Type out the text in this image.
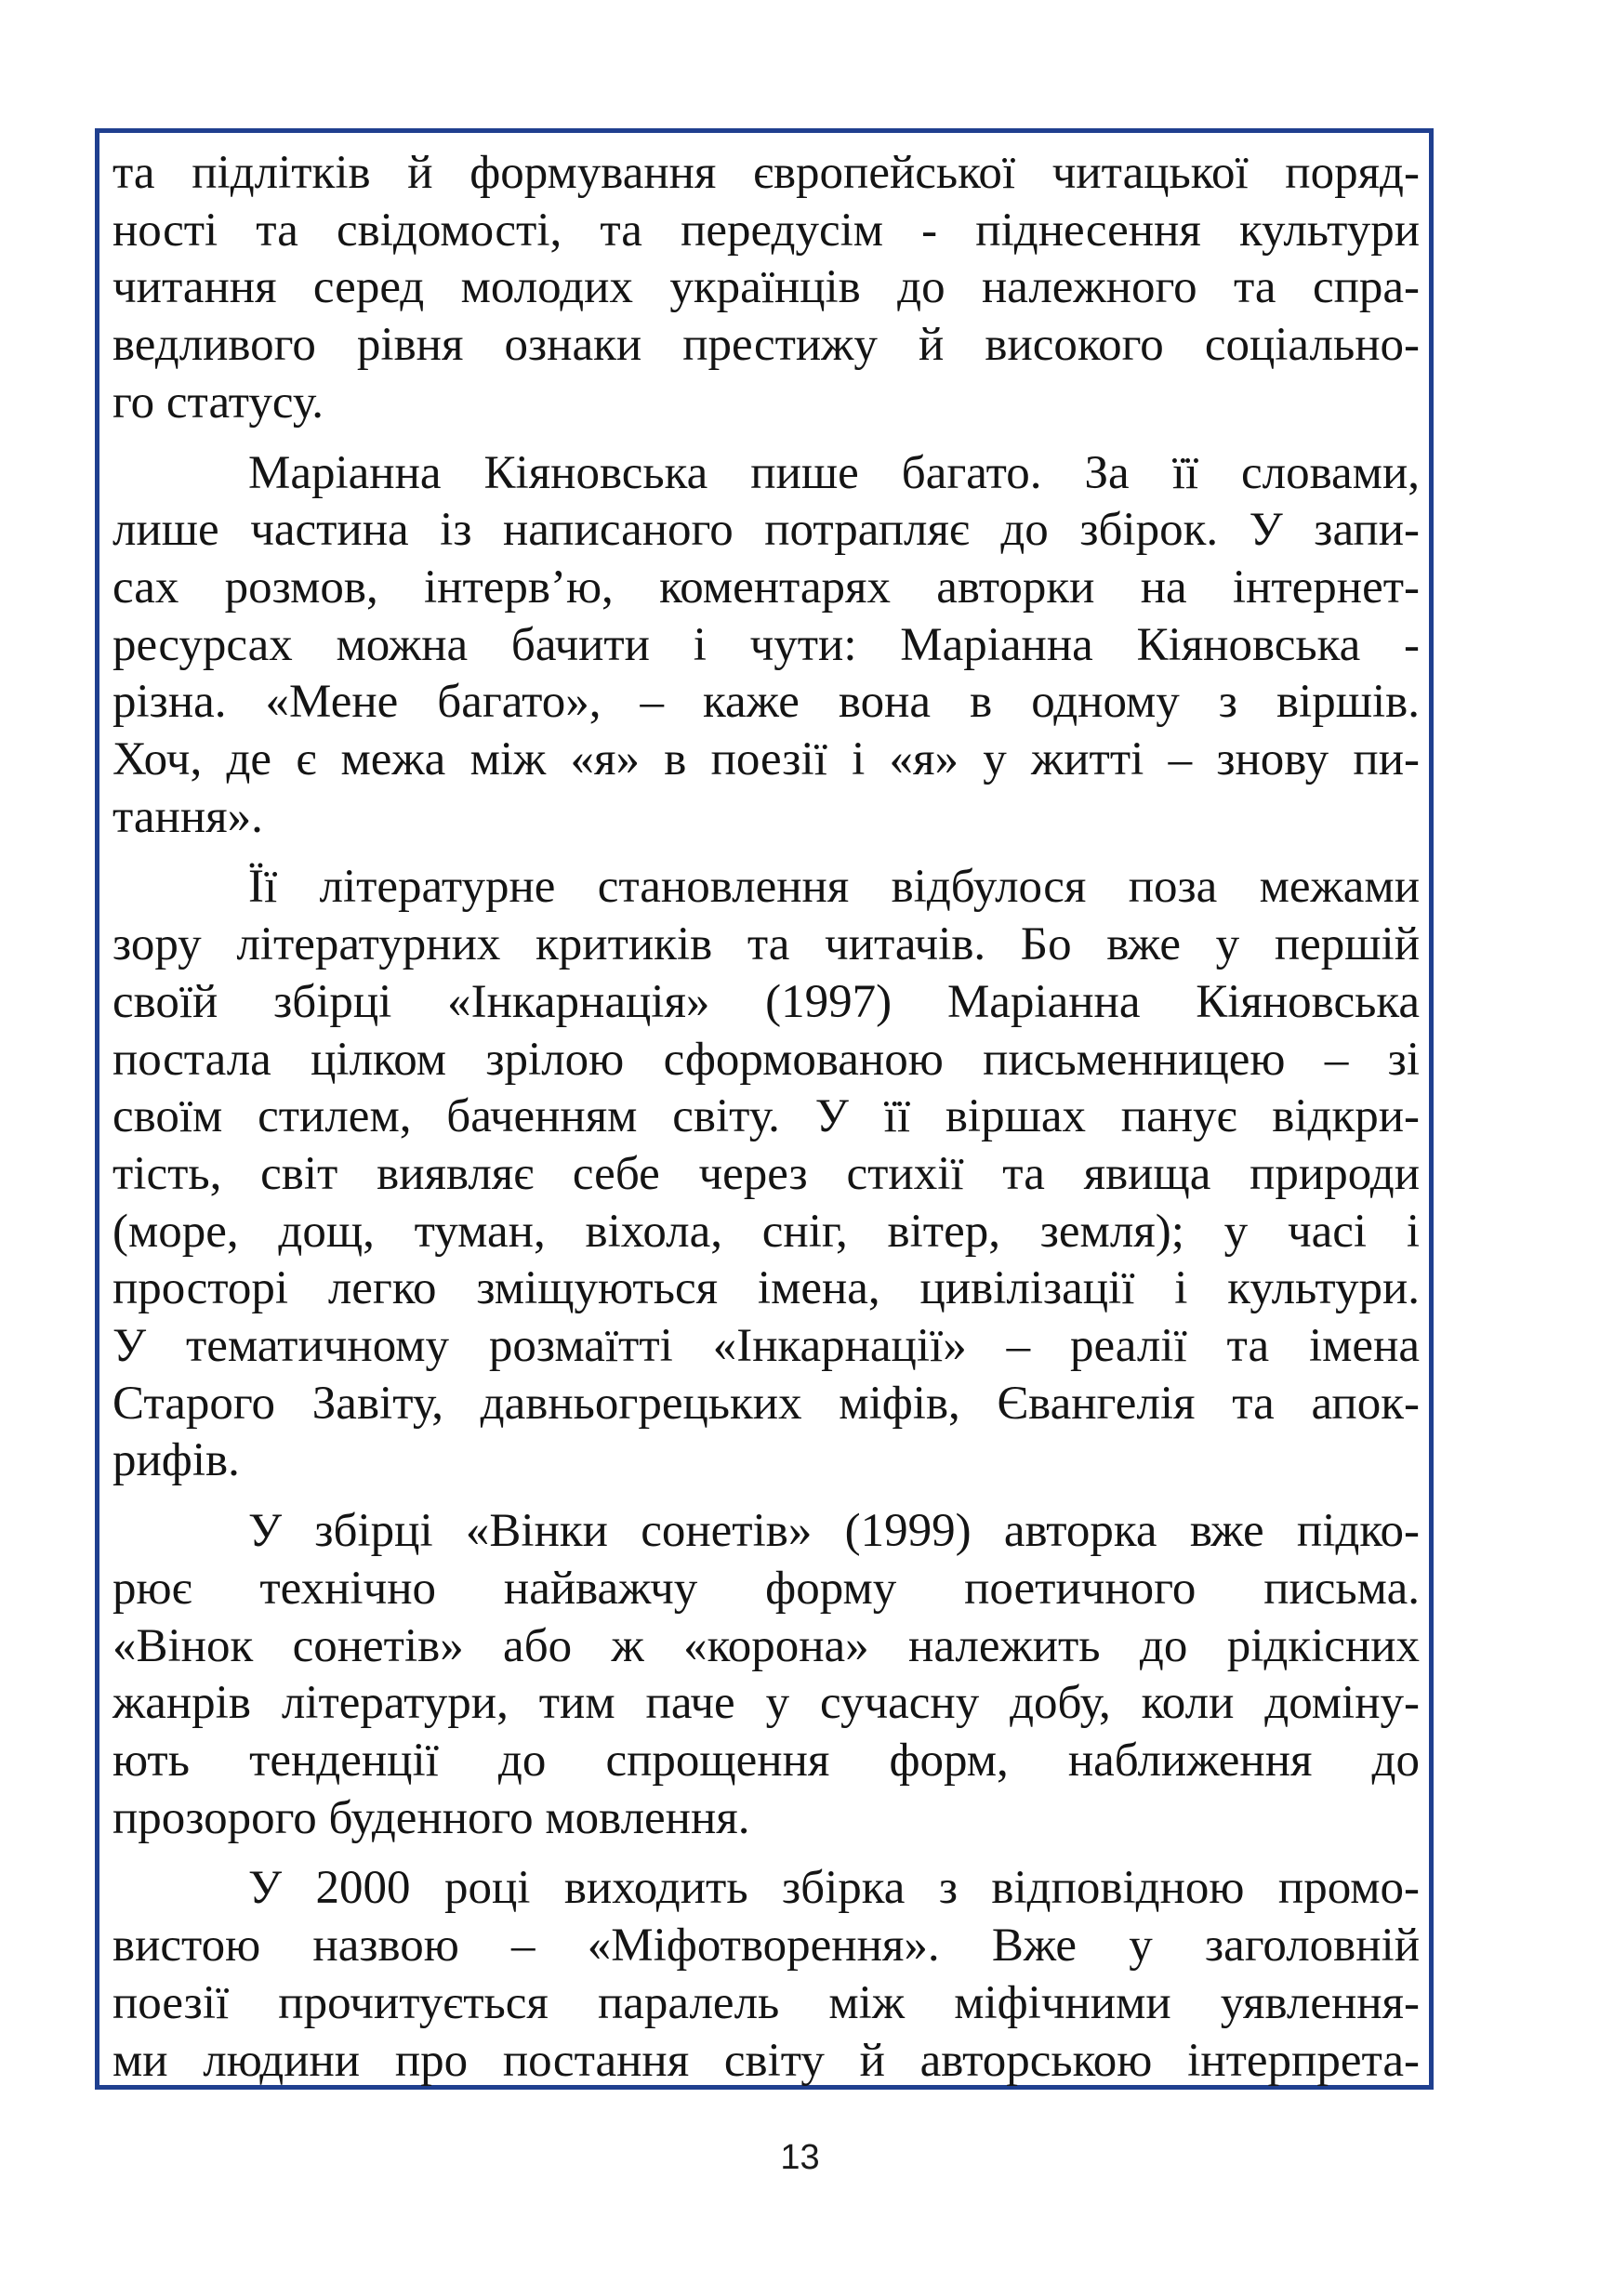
та підлітків й формування європейської читацької поряд-

ності та свідомості, та передусім - піднесення культури

читання серед молодих українців до належного та спра-

ведливого рівня ознаки престижу й високого соціально-

го статусу.

Маріанна Кіяновська пише багато. За її словами,

лише частина із написаного потрапляє до збірок. У запи-

сах розмов, інтерв’ю, коментарях авторки на інтернет-

ресурсах можна бачити і чути: Маріанна Кіяновська -

різна. «Мене багато», – каже вона в одному з віршів.

Хоч, де є межа між «я» в поезії і «я» у житті – знову пи-

тання».

Її літературне становлення відбулося поза межами

зору літературних критиків та читачів. Бо вже у першій

своїй збірці «Інкарнація» (1997) Маріанна Кіяновська

постала цілком зрілою сформованою письменницею – зі

своїм стилем, баченням світу. У її віршах панує відкри-

тість, світ виявляє себе через стихії та явища природи

(море, дощ, туман, віхола, сніг, вітер, земля); у часі і

просторі легко зміщуються імена, цивілізації і культури.

У тематичному розмаїтті «Інкарнації» – реалії та імена

Старого Завіту, давньогрецьких міфів, Євангелія та апок-

рифів.

У збірці «Вінки сонетів» (1999) авторка вже підко-

рює технічно найважчу форму поетичного письма.

«Вінок сонетів» або ж «корона» належить до рідкісних

жанрів літератури, тим паче у сучасну добу, коли доміну-

ють тенденції до спрощення форм, наближення до

прозорого буденного мовлення.

У 2000 році виходить збірка з відповідною промо-

вистою назвою – «Міфотворення». Вже у заголовній

поезії прочитується паралель між міфічними уявлення-

ми людини про постання світу й авторською інтерпрета-

13
